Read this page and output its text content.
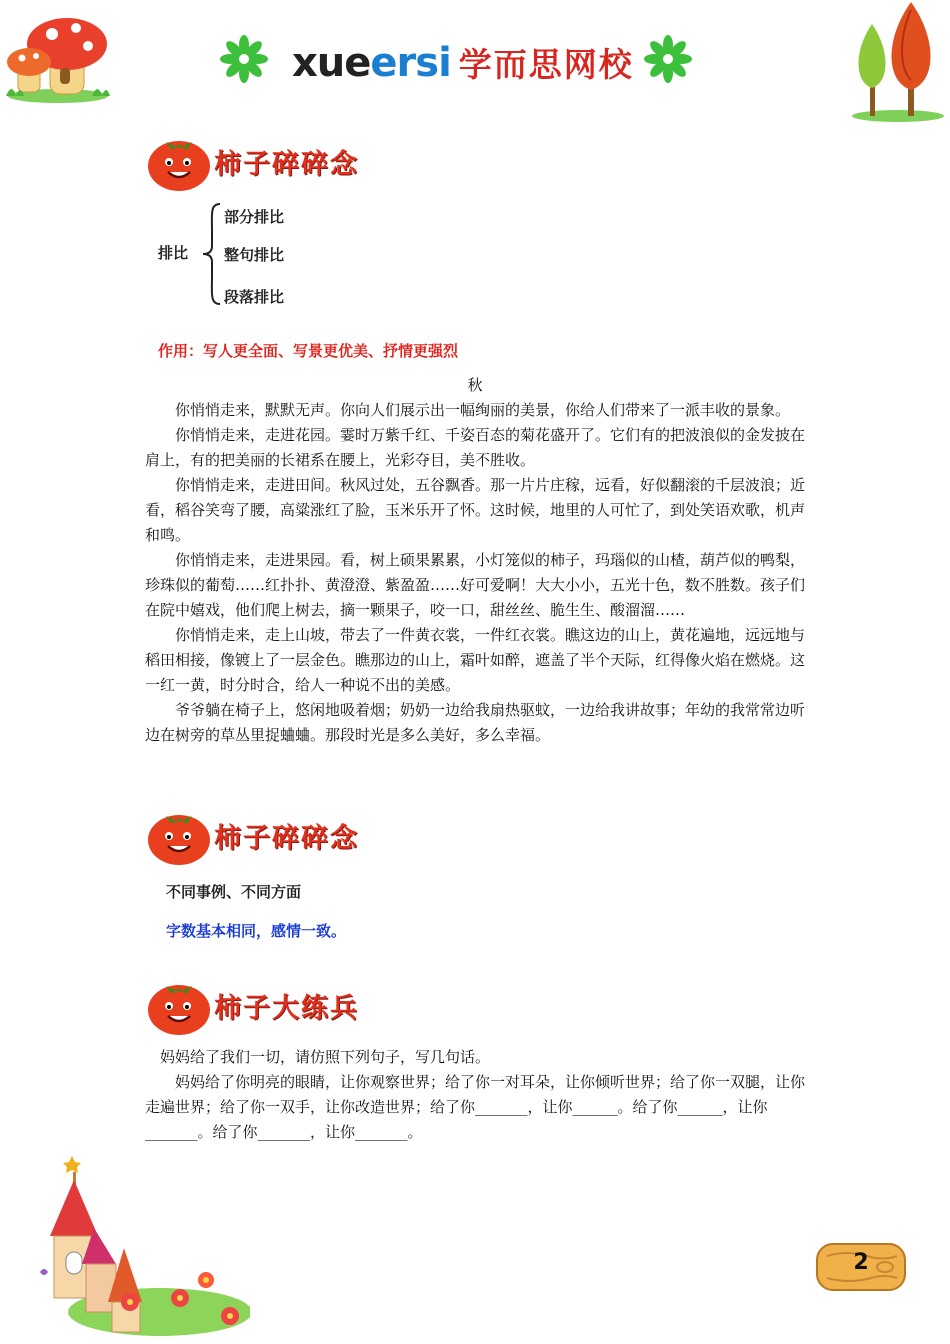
xueersi 学而思网校
柿子碎碎念
排比
部分排比
整句排比
段落排比
作用：写人更全面、写景更优美、抒情更强烈
秋

你悄悄走来，默默无声。你向人们展示出一幅绚丽的美景，你给人们带来了一派丰收的景象。

你悄悄走来，走进花园。霎时万紫千红、千姿百态的菊花盛开了。它们有的把波浪似的金发披在肩上，有的把美丽的长裙系在腰上，光彩夺目，美不胜收。

你悄悄走来，走进田间。秋风过处，五谷飘香。那一片片庄稼，远看，好似翻滚的千层波浪；近看，稻谷笑弯了腰，高粱涨红了脸，玉米乐开了怀。这时候，地里的人可忙了，到处笑语欢歌，机声和鸣。

你悄悄走来，走进果园。看，树上硕果累累，小灯笼似的柿子，玛瑙似的山楂，葫芦似的鸭梨，珍珠似的葡萄……红扑扑、黄澄澄、紫盈盈……好可爱啊！大大小小，五光十色，数不胜数。孩子们在院中嬉戏，他们爬上树去，摘一颗果子，咬一口，甜丝丝、脆生生、酸溜溜……

你悄悄走来，走上山坡，带去了一件黄衣裳，一件红衣裳。瞧这边的山上，黄花遍地，远远地与稻田相接，像镀上了一层金色。瞧那边的山上，霜叶如醉，遮盖了半个天际，红得像火焰在燃烧。这一红一黄，时分时合，给人一种说不出的美感。

爷爷躺在椅子上，悠闲地吸着烟；奶奶一边给我扇热驱蚊，一边给我讲故事；年幼的我常常边听边在树旁的草丛里捉蛐蛐。那段时光是多么美好，多么幸福。

柿子碎碎念
不同事例、不同方面
字数基本相同，感情一致。
柿子大练兵

妈妈给了我们一切，请仿照下列句子，写几句话。

妈妈给了你明亮的眼睛，让你观察世界；给了你一对耳朵，让你倾听世界；给了你一双腿，让你走遍世界；给了你一双手，让你改造世界；给了你_______，让你______。给了你______，让你_______。给了你_______，让你_______。

2
